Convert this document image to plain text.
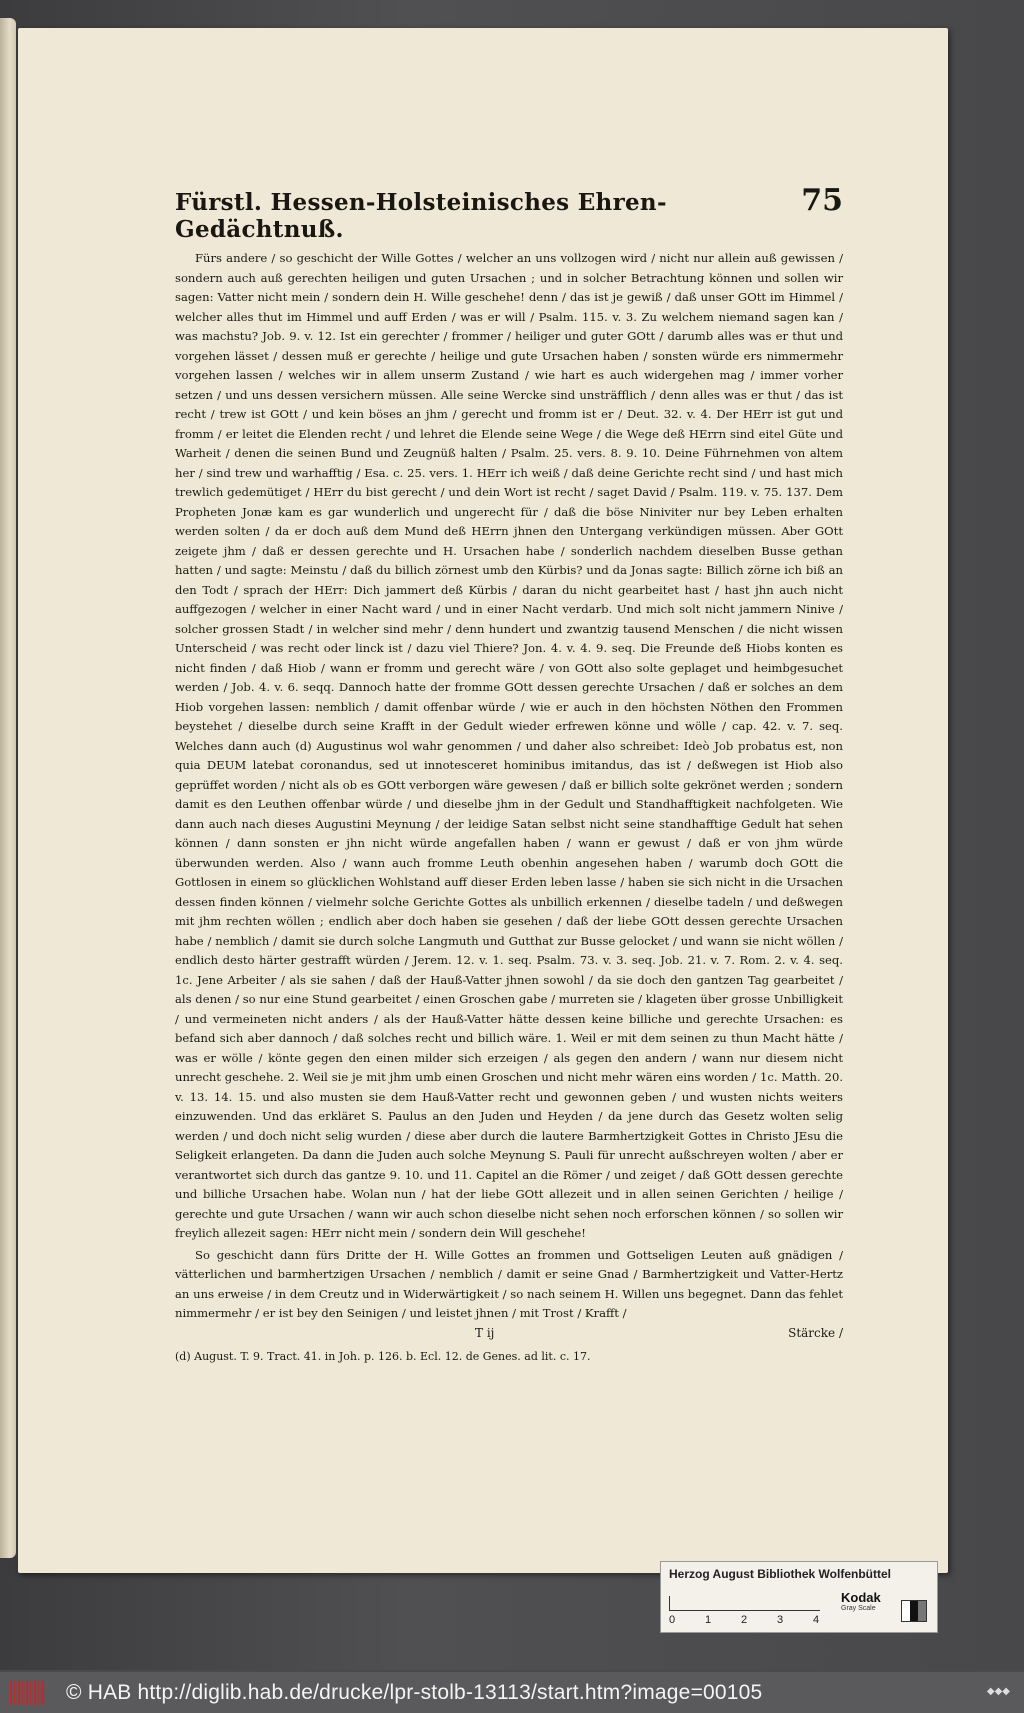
Fürstl. Hessen-Holsteinisches Ehren-Gedächtnuß.
75

Fürs andere / so geschicht der Wille Gottes / welcher an uns vollzogen wird / nicht nur allein auß gewissen / sondern auch auß gerechten heiligen und guten Ursachen ; und in solcher Betrachtung können und sollen wir sagen: Vatter nicht mein / sondern dein H. Wille geschehe! denn / das ist je gewiß / daß unser GOtt im Himmel / welcher alles thut im Himmel und auff Erden / was er will / Psalm. 115. v. 3. Zu welchem niemand sagen kan / was machstu? Job. 9. v. 12. Ist ein gerechter / frommer / heiliger und guter GOtt / darumb alles was er thut und vorgehen lässet / dessen muß er gerechte / heilige und gute Ursachen haben / sonsten würde ers nimmermehr vorgehen lassen / welches wir in allem unserm Zustand / wie hart es auch widergehen mag / immer vorher setzen / und uns dessen versichern müssen. Alle seine Wercke sind unsträfflich / denn alles was er thut / das ist recht / trew ist GOtt / und kein böses an jhm / gerecht und fromm ist er / Deut. 32. v. 4. Der HErr ist gut und fromm / er leitet die Elenden recht / und lehret die Elende seine Wege / die Wege deß HErrn sind eitel Güte und Warheit / denen die seinen Bund und Zeugnüß halten / Psalm. 25. vers. 8. 9. 10. Deine Führnehmen von altem her / sind trew und warhafftig / Esa. c. 25. vers. 1. HErr ich weiß / daß deine Gerichte recht sind / und hast mich trewlich gedemütiget / HErr du bist gerecht / und dein Wort ist recht / saget David / Psalm. 119. v. 75. 137. Dem Propheten Jonæ kam es gar wunderlich und ungerecht für / daß die böse Niniviter nur bey Leben erhalten werden solten / da er doch auß dem Mund deß HErrn jhnen den Untergang verkündigen müssen. Aber GOtt zeigete jhm / daß er dessen gerechte und H. Ursachen habe / sonderlich nachdem dieselben Busse gethan hatten / und sagte: Meinstu / daß du billich zörnest umb den Kürbis? und da Jonas sagte: Billich zörne ich biß an den Todt / sprach der HErr: Dich jammert deß Kürbis / daran du nicht gearbeitet hast / hast jhn auch nicht auffgezogen / welcher in einer Nacht ward / und in einer Nacht verdarb. Und mich solt nicht jammern Ninive / solcher grossen Stadt / in welcher sind mehr / denn hundert und zwantzig tausend Menschen / die nicht wissen Unterscheid / was recht oder linck ist / dazu viel Thiere? Jon. 4. v. 4. 9. seq. Die Freunde deß Hiobs konten es nicht finden / daß Hiob / wann er fromm und gerecht wäre / von GOtt also solte geplaget und heimbgesuchet werden / Job. 4. v. 6. seqq. Dannoch hatte der fromme GOtt dessen gerechte Ursachen / daß er solches an dem Hiob vorgehen lassen: nemblich / damit offenbar würde / wie er auch in den höchsten Nöthen den Frommen beystehet / dieselbe durch seine Krafft in der Gedult wieder erfrewen könne und wölle / cap. 42. v. 7. seq. Welches dann auch (d) Augustinus wol wahr genommen / und daher also schreibet: Ideò Job probatus est, non quia DEUM latebat coronandus, sed ut innotesceret hominibus imitandus, das ist / deßwegen ist Hiob also geprüffet worden / nicht als ob es GOtt verborgen wäre gewesen / daß er billich solte gekrönet werden ; sondern damit es den Leuthen offenbar würde / und dieselbe jhm in der Gedult und Standhafftigkeit nachfolgeten. Wie dann auch nach dieses Augustini Meynung / der leidige Satan selbst nicht seine standhafftige Gedult hat sehen können / dann sonsten er jhn nicht würde angefallen haben / wann er gewust / daß er von jhm würde überwunden werden. Also / wann auch fromme Leuth obenhin angesehen haben / warumb doch GOtt die Gottlosen in einem so glücklichen Wohlstand auff dieser Erden leben lasse / haben sie sich nicht in die Ursachen dessen finden können / vielmehr solche Gerichte Gottes als unbillich erkennen / dieselbe tadeln / und deßwegen mit jhm rechten wöllen ; endlich aber doch haben sie gesehen / daß der liebe GOtt dessen gerechte Ursachen habe / nemblich / damit sie durch solche Langmuth und Gutthat zur Busse gelocket / und wann sie nicht wöllen / endlich desto härter gestrafft würden / Jerem. 12. v. 1. seq. Psalm. 73. v. 3. seq. Job. 21. v. 7. Rom. 2. v. 4. seq. 1c. Jene Arbeiter / als sie sahen / daß der Hauß-Vatter jhnen sowohl / da sie doch den gantzen Tag gearbeitet / als denen / so nur eine Stund gearbeitet / einen Groschen gabe / murreten sie / klageten über grosse Unbilligkeit / und vermeineten nicht anders / als der Hauß-Vatter hätte dessen keine billiche und gerechte Ursachen: es befand sich aber dannoch / daß solches recht und billich wäre. 1. Weil er mit dem seinen zu thun Macht hätte / was er wölle / könte gegen den einen milder sich erzeigen / als gegen den andern / wann nur diesem nicht unrecht geschehe. 2. Weil sie je mit jhm umb einen Groschen und nicht mehr wären eins worden / 1c. Matth. 20. v. 13. 14. 15. und also musten sie dem Hauß-Vatter recht und gewonnen geben / und wusten nichts weiters einzuwenden. Und das erkläret S. Paulus an den Juden und Heyden / da jene durch das Gesetz wolten selig werden / und doch nicht selig wurden / diese aber durch die lautere Barmhertzigkeit Gottes in Christo JEsu die Seligkeit erlangeten. Da dann die Juden auch solche Meynung S. Pauli für unrecht außschreyen wolten / aber er verantwortet sich durch das gantze 9. 10. und 11. Capitel an die Römer / und zeiget / daß GOtt dessen gerechte und billiche Ursachen habe. Wolan nun / hat der liebe GOtt allezeit und in allen seinen Gerichten / heilige / gerechte und gute Ursachen / wann wir auch schon dieselbe nicht sehen noch erforschen können / so sollen wir freylich allezeit sagen: HErr nicht mein / sondern dein Will geschehe!

So geschicht dann fürs Dritte der H. Wille Gottes an frommen und Gottseligen Leuten auß gnädigen / vätterlichen und barmhertzigen Ursachen / nemblich / damit er seine Gnad / Barmhertzigkeit und Vatter-Hertz an uns erweise / in dem Creutz und in Widerwärtigkeit / so nach seinem H. Willen uns begegnet. Dann das fehlet nimmermehr / er ist bey den Seinigen / und leistet jhnen / mit Trost / Krafft /

T ij	Stärcke /
(d) August. T. 9. Tract. 41. in Joh. p. 126. b. Ecl. 12. de Genes. ad lit. c. 17.
Herzog August Bibliothek Wolfenbüttel
0	1	2	3	4
Kodak
Gray Scale
© HAB http://diglib.hab.de/drucke/lpr-stolb-13113/start.htm?image=00105	◆◆◆
